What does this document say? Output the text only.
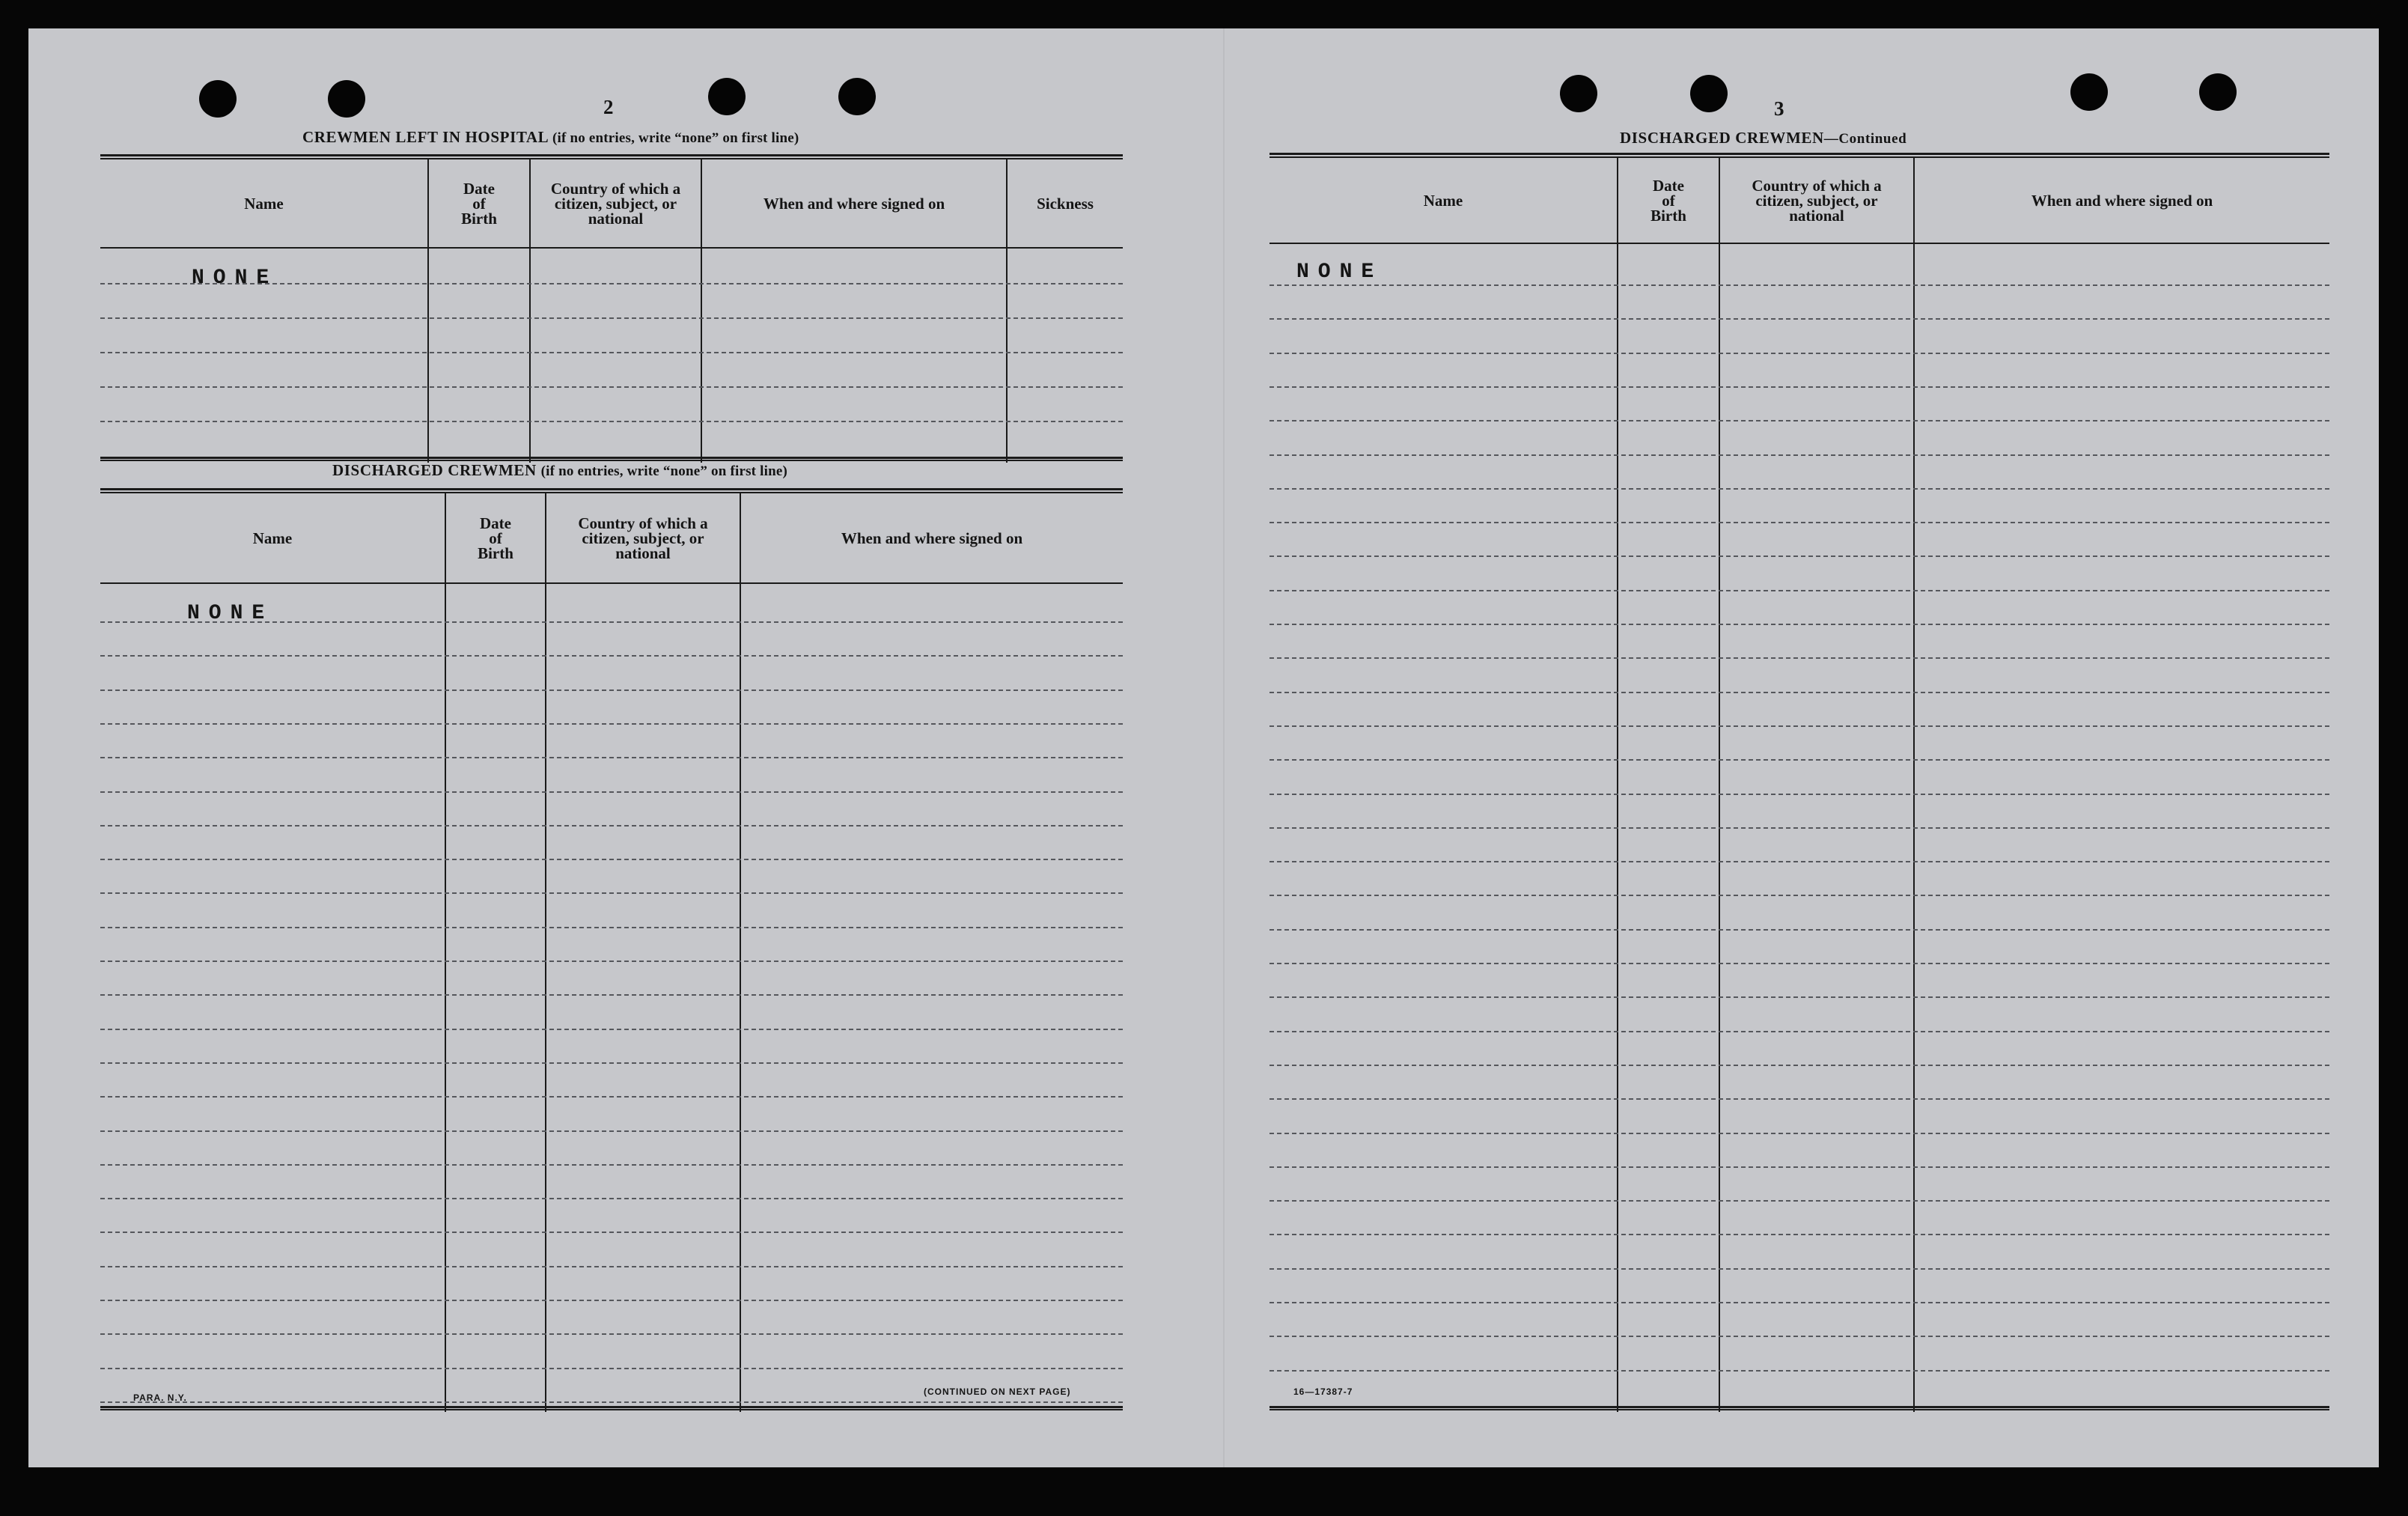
2
CREWMEN LEFT IN HOSPITAL (if no entries, write “none” on first line)
Name
Date
of
Birth
Country of which a
citizen, subject, or
national
When and where signed on	Sickness
NONE
DISCHARGED CREWMEN (if no entries, write “none” on first line)
Name
Date
of
Birth
Country of which a
citizen, subject, or
national
When and where signed on
NONE
PARA. N.Y.
(CONTINUED ON NEXT PAGE)
3
DISCHARGED CREWMEN—Continued
Name
Date
of
Birth
Country of which a
citizen, subject, or
national
When and where signed on
NONE
16—17387-7
